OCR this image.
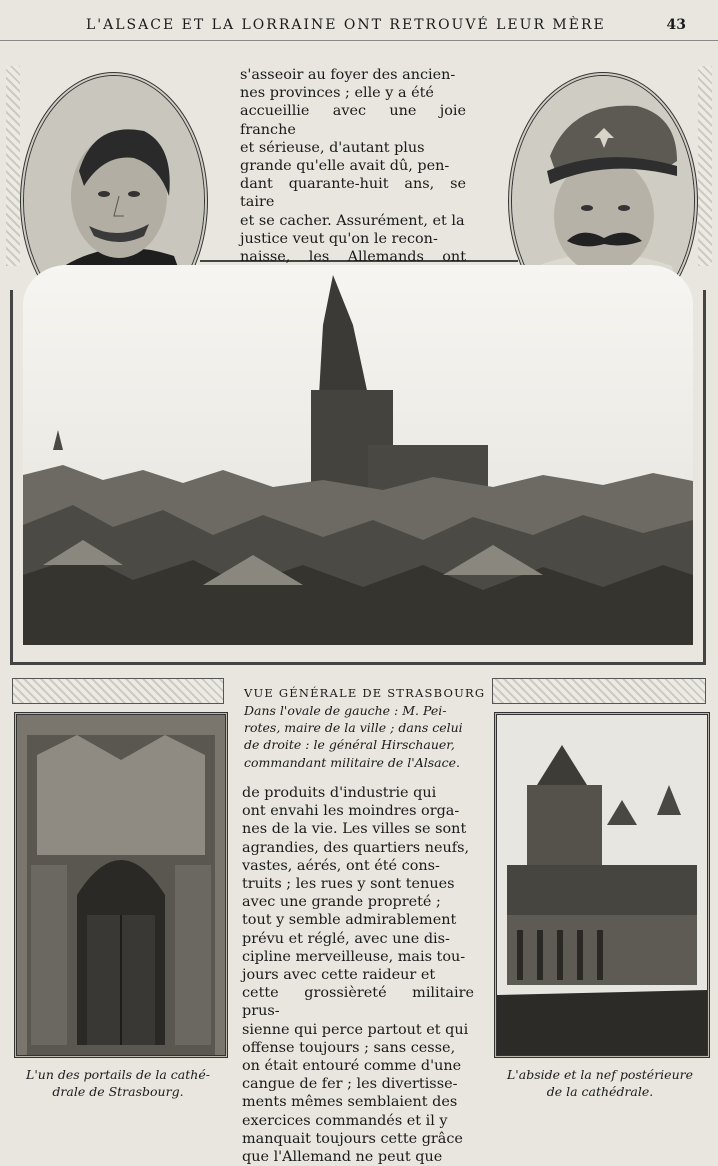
L'ALSACE ET LA LORRAINE ONT RETROUVÉ LEUR MÈRE	43

s'asseoir au foyer des ancien-

nes provinces ; elle y a été

accueillie avec une joie franche

et sérieuse, d'autant plus

grande qu'elle avait dû, pen-

dant quarante-huit ans, se taire

et se cacher. Assurément, et la

justice veut qu'on le recon-

naisse, les Allemands ont

VUE GÉNÉRALE DE STRASBOURG
Dans l'ovale de gauche : M. Pei-
rotes, maire de la ville ; dans celui
de droite : le général Hirschauer,
commandant militaire de l'Alsace.

de produits d'industrie qui

ont envahi les moindres orga-

nes de la vie. Les villes se sont

agrandies, des quartiers neufs,

vastes, aérés, ont été cons-

truits ; les rues y sont tenues

avec une grande propreté ;

tout y semble admirablement

prévu et réglé, avec une dis-

cipline merveilleuse, mais tou-

jours avec cette raideur et

cette grossièreté militaire prus-

sienne qui perce partout et qui

offense toujours ; sans cesse,

on était entouré comme d'une

cangue de fer ; les divertisse-

ments mêmes semblaient des

exercices commandés et il y

manquait toujours cette grâce

que l'Allemand ne peut que

L'un des portails de la cathé-
drale de Strasbourg.
L'abside et la nef postérieure
de la cathédrale.
